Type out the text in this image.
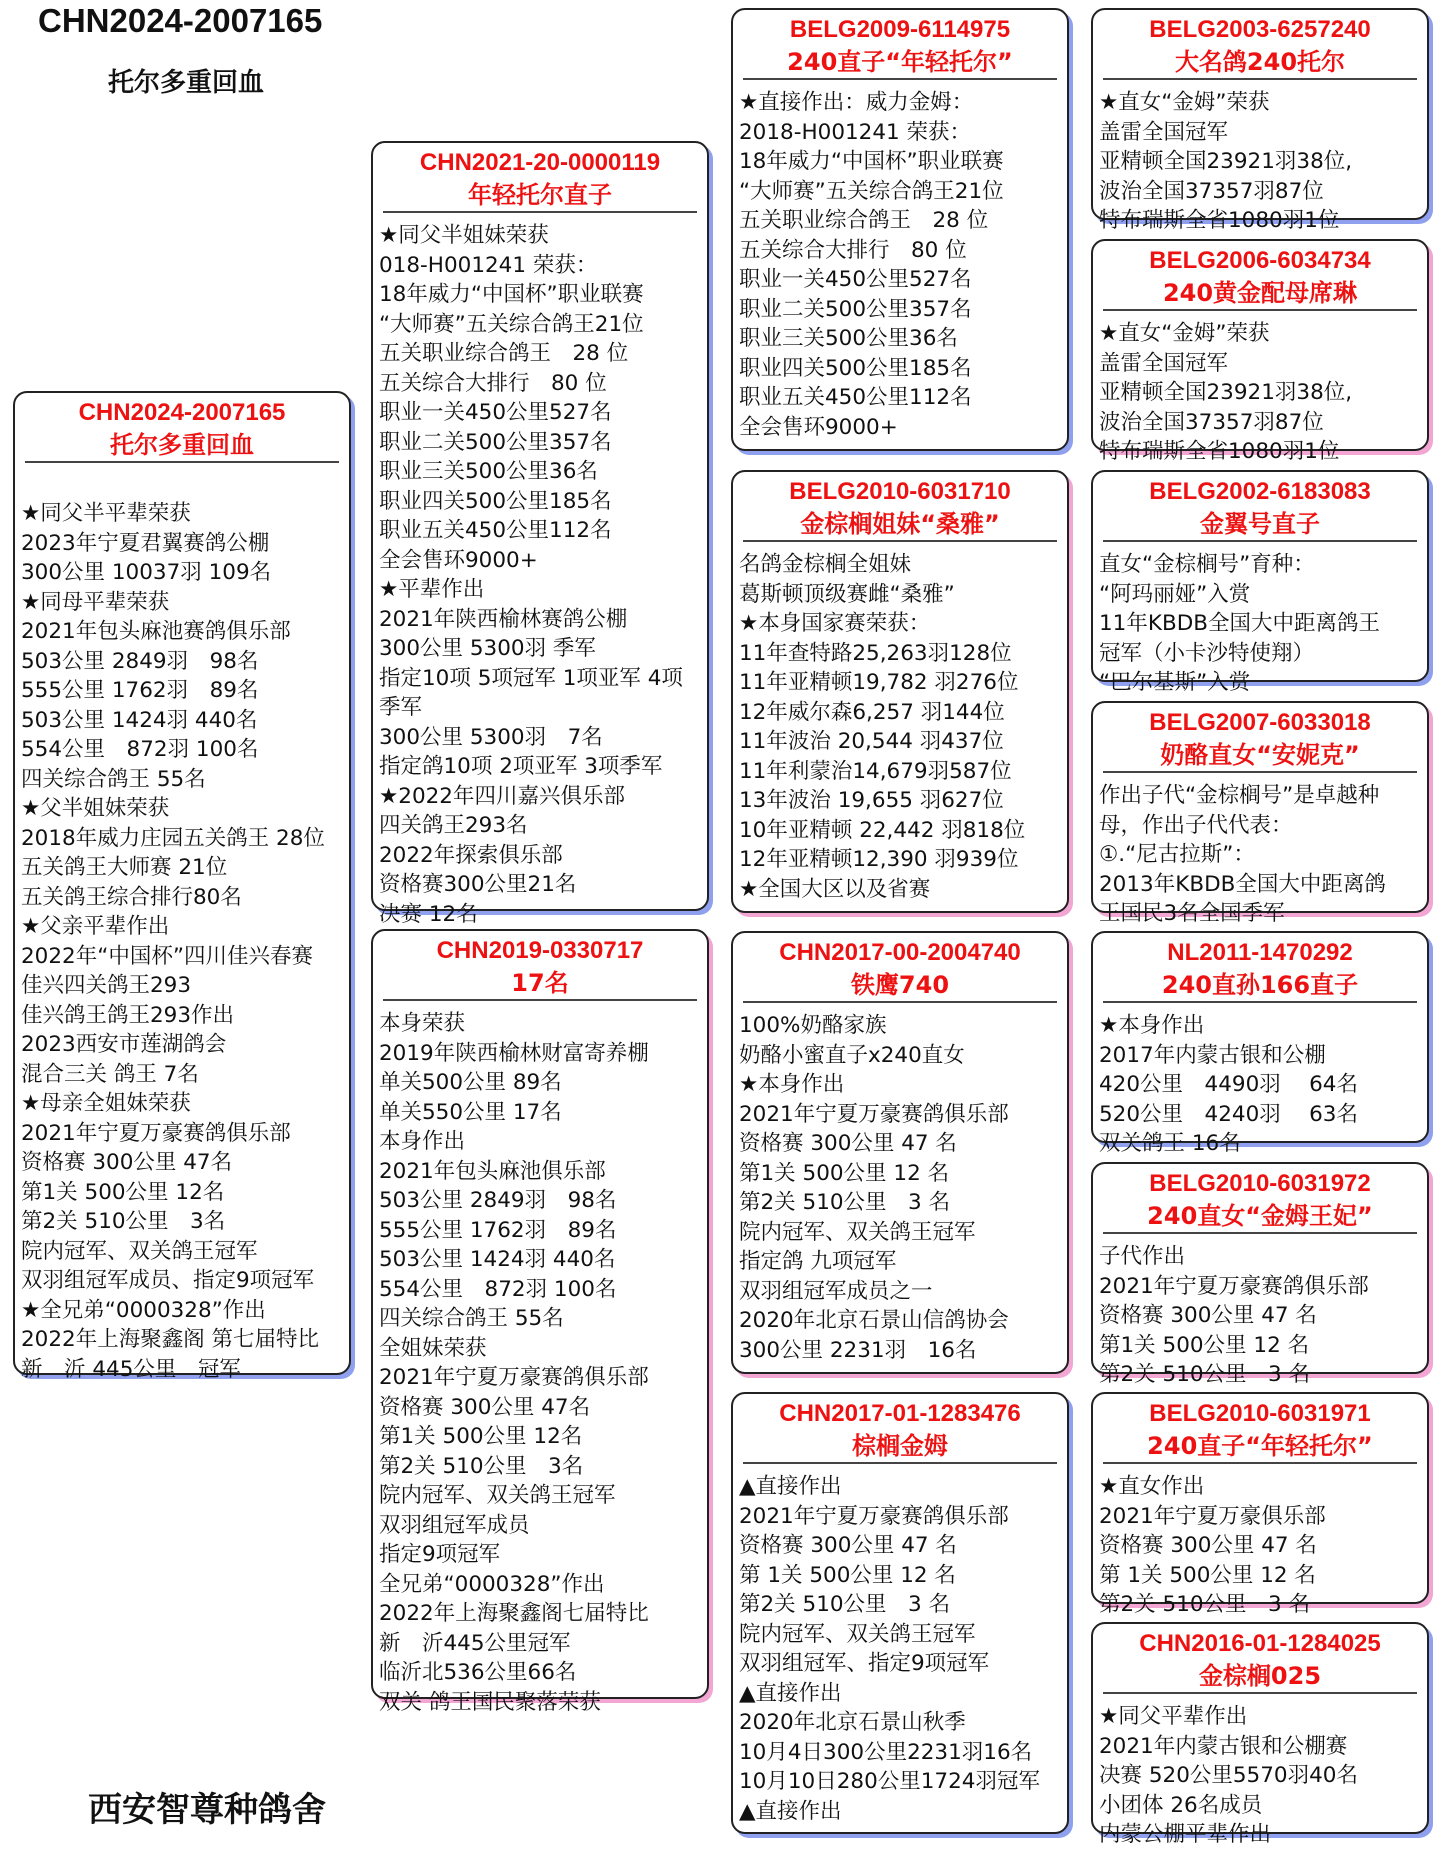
CHN2024-2007165
托尔多重回血
CHN2024-2007165
托尔多重回血
★同父半平辈荣获
2023年宁夏君翼赛鸽公棚
300公里 10037羽 109名
★同母平辈荣获
2021年包头麻池赛鸽俱乐部
503公里 2849羽　98名
555公里 1762羽　89名
503公里 1424羽 440名
554公里　872羽 100名
四关综合鸽王 55名
★父半姐妹荣获
2018年威力庄园五关鸽王 28位
五关鸽王大师赛 21位
五关鸽王综合排行80名
★父亲平辈作出
2022年“中国杯”四川佳兴春赛
佳兴四关鸽王293
佳兴鸽王鸽王293作出
2023西安市莲湖鸽会
混合三关 鸽王 7名
★母亲全姐妹荣获
2021年宁夏万豪赛鸽俱乐部
资格赛 300公里 47名
第1关 500公里 12名
第2关 510公里　3名
院内冠军、双关鸽王冠军
双羽组冠军成员、指定9项冠军
★全兄弟“0000328”作出
2022年上海聚鑫阁 第七届特比
新　沂 445公里　冠军
CHN2021-20-0000119
年轻托尔直子
★同父半姐妹荣获
018-H001241 荣获：
18年威力“中国杯”职业联赛
“大师赛”五关综合鸽王21位
五关职业综合鸽王　28 位
五关综合大排行　80 位
职业一关450公里527名
职业二关500公里357名
职业三关500公里36名
职业四关500公里185名
职业五关450公里112名
全会售环9000+
★平辈作出
2021年陕西榆林赛鸽公棚
300公里 5300羽 季军
指定10项 5项冠军 1项亚军 4项
季军
300公里 5300羽　7名
指定鸽10项 2项亚军 3项季军
★2022年四川嘉兴俱乐部
四关鸽王293名
2022年探索俱乐部
资格赛300公里21名
决赛 12名
CHN2019-0330717
17名
本身荣获
2019年陕西榆林财富寄养棚
单关500公里 89名
单关550公里 17名
本身作出
2021年包头麻池俱乐部
503公里 2849羽　98名
555公里 1762羽　89名
503公里 1424羽 440名
554公里　872羽 100名
四关综合鸽王 55名
全姐妹荣获
2021年宁夏万豪赛鸽俱乐部
资格赛 300公里 47名
第1关 500公里 12名
第2关 510公里　3名
院内冠军、双关鸽王冠军
双羽组冠军成员
指定9项冠军
全兄弟“0000328”作出
2022年上海聚鑫阁七届特比
新　沂445公里冠军
临沂北536公里66名
双关 鸽王国民聚落荣获
BELG2009-6114975
240直子“年轻托尔”
★直接作出：威力金姆：
2018-H001241 荣获：
18年威力“中国杯”职业联赛
“大师赛”五关综合鸽王21位
五关职业综合鸽王　28 位
五关综合大排行　80 位
职业一关450公里527名
职业二关500公里357名
职业三关500公里36名
职业四关500公里185名
职业五关450公里112名
全会售环9000+
BELG2010-6031710
金棕榈姐妹“桑雅”
名鸽金棕榈全姐妹
葛斯顿顶级赛雌“桑雅”
★本身国家赛荣获：
11年查特路25,263羽128位
11年亚精顿19,782 羽276位
12年威尔森6,257 羽144位
11年波治 20,544 羽437位
11年利蒙治14,679羽587位
13年波治 19,655 羽627位
10年亚精顿 22,442 羽818位
12年亚精顿12,390 羽939位
★全国大区以及省赛
CHN2017-00-2004740
铁鹰740
100%奶酪家族
奶酪小蜜直子x240直女
★本身作出
2021年宁夏万豪赛鸽俱乐部
资格赛 300公里 47 名
第1关 500公里 12 名
第2关 510公里　3 名
院内冠军、双关鸽王冠军
指定鸽 九项冠军
双羽组冠军成员之一
2020年北京石景山信鸽协会
300公里 2231羽　16名
CHN2017-01-1283476
棕榈金姆
▲直接作出
2021年宁夏万豪赛鸽俱乐部
资格赛 300公里 47 名
第 1关 500公里 12 名
第2关 510公里　3 名
院内冠军、双关鸽王冠军
双羽组冠军、指定9项冠军
▲直接作出
2020年北京石景山秋季
10月4日300公里2231羽16名
10月10日280公里1724羽冠军
▲直接作出
BELG2003-6257240
大名鸽240托尔
★直女“金姆”荣获
盖雷全国冠军
亚精顿全国23921羽38位,
波治全国37357羽87位
特布瑞斯全省1080羽1位
BELG2006-6034734
240黄金配母席琳
★直女“金姆”荣获
盖雷全国冠军
亚精顿全国23921羽38位,
波治全国37357羽87位
特布瑞斯全省1080羽1位
BELG2002-6183083
金翼号直子
直女“金棕榈号”育种：
“阿玛丽娅”入赏
11年KBDB全国大中距离鸽王
冠军（小卡沙特使翔）
“巴尔基斯”入赏
BELG2007-6033018
奶酪直女“安妮克”
作出子代“金棕榈号”是卓越种
母，作出子代代表：
①.“尼古拉斯”：
2013年KBDB全国大中距离鸽
王国民3名全国季军
NL2011-1470292
240直孙166直子
★本身作出
2017年内蒙古银和公棚
420公里　4490羽　 64名
520公里　4240羽　 63名
双关鸽王 16名
BELG2010-6031972
240直女“金姆王妃”
子代作出
2021年宁夏万豪赛鸽俱乐部
资格赛 300公里 47 名
第1关 500公里 12 名
第2关 510公里　3 名
BELG2010-6031971
240直子“年轻托尔”
★直女作出
2021年宁夏万豪俱乐部
资格赛 300公里 47 名
第 1关 500公里 12 名
第2关 510公里　3 名
CHN2016-01-1284025
金棕榈025
★同父平辈作出
2021年内蒙古银和公棚赛
决赛 520公里5570羽40名
小团体 26名成员
内蒙公棚平辈作出
西安智尊种鸽舍
